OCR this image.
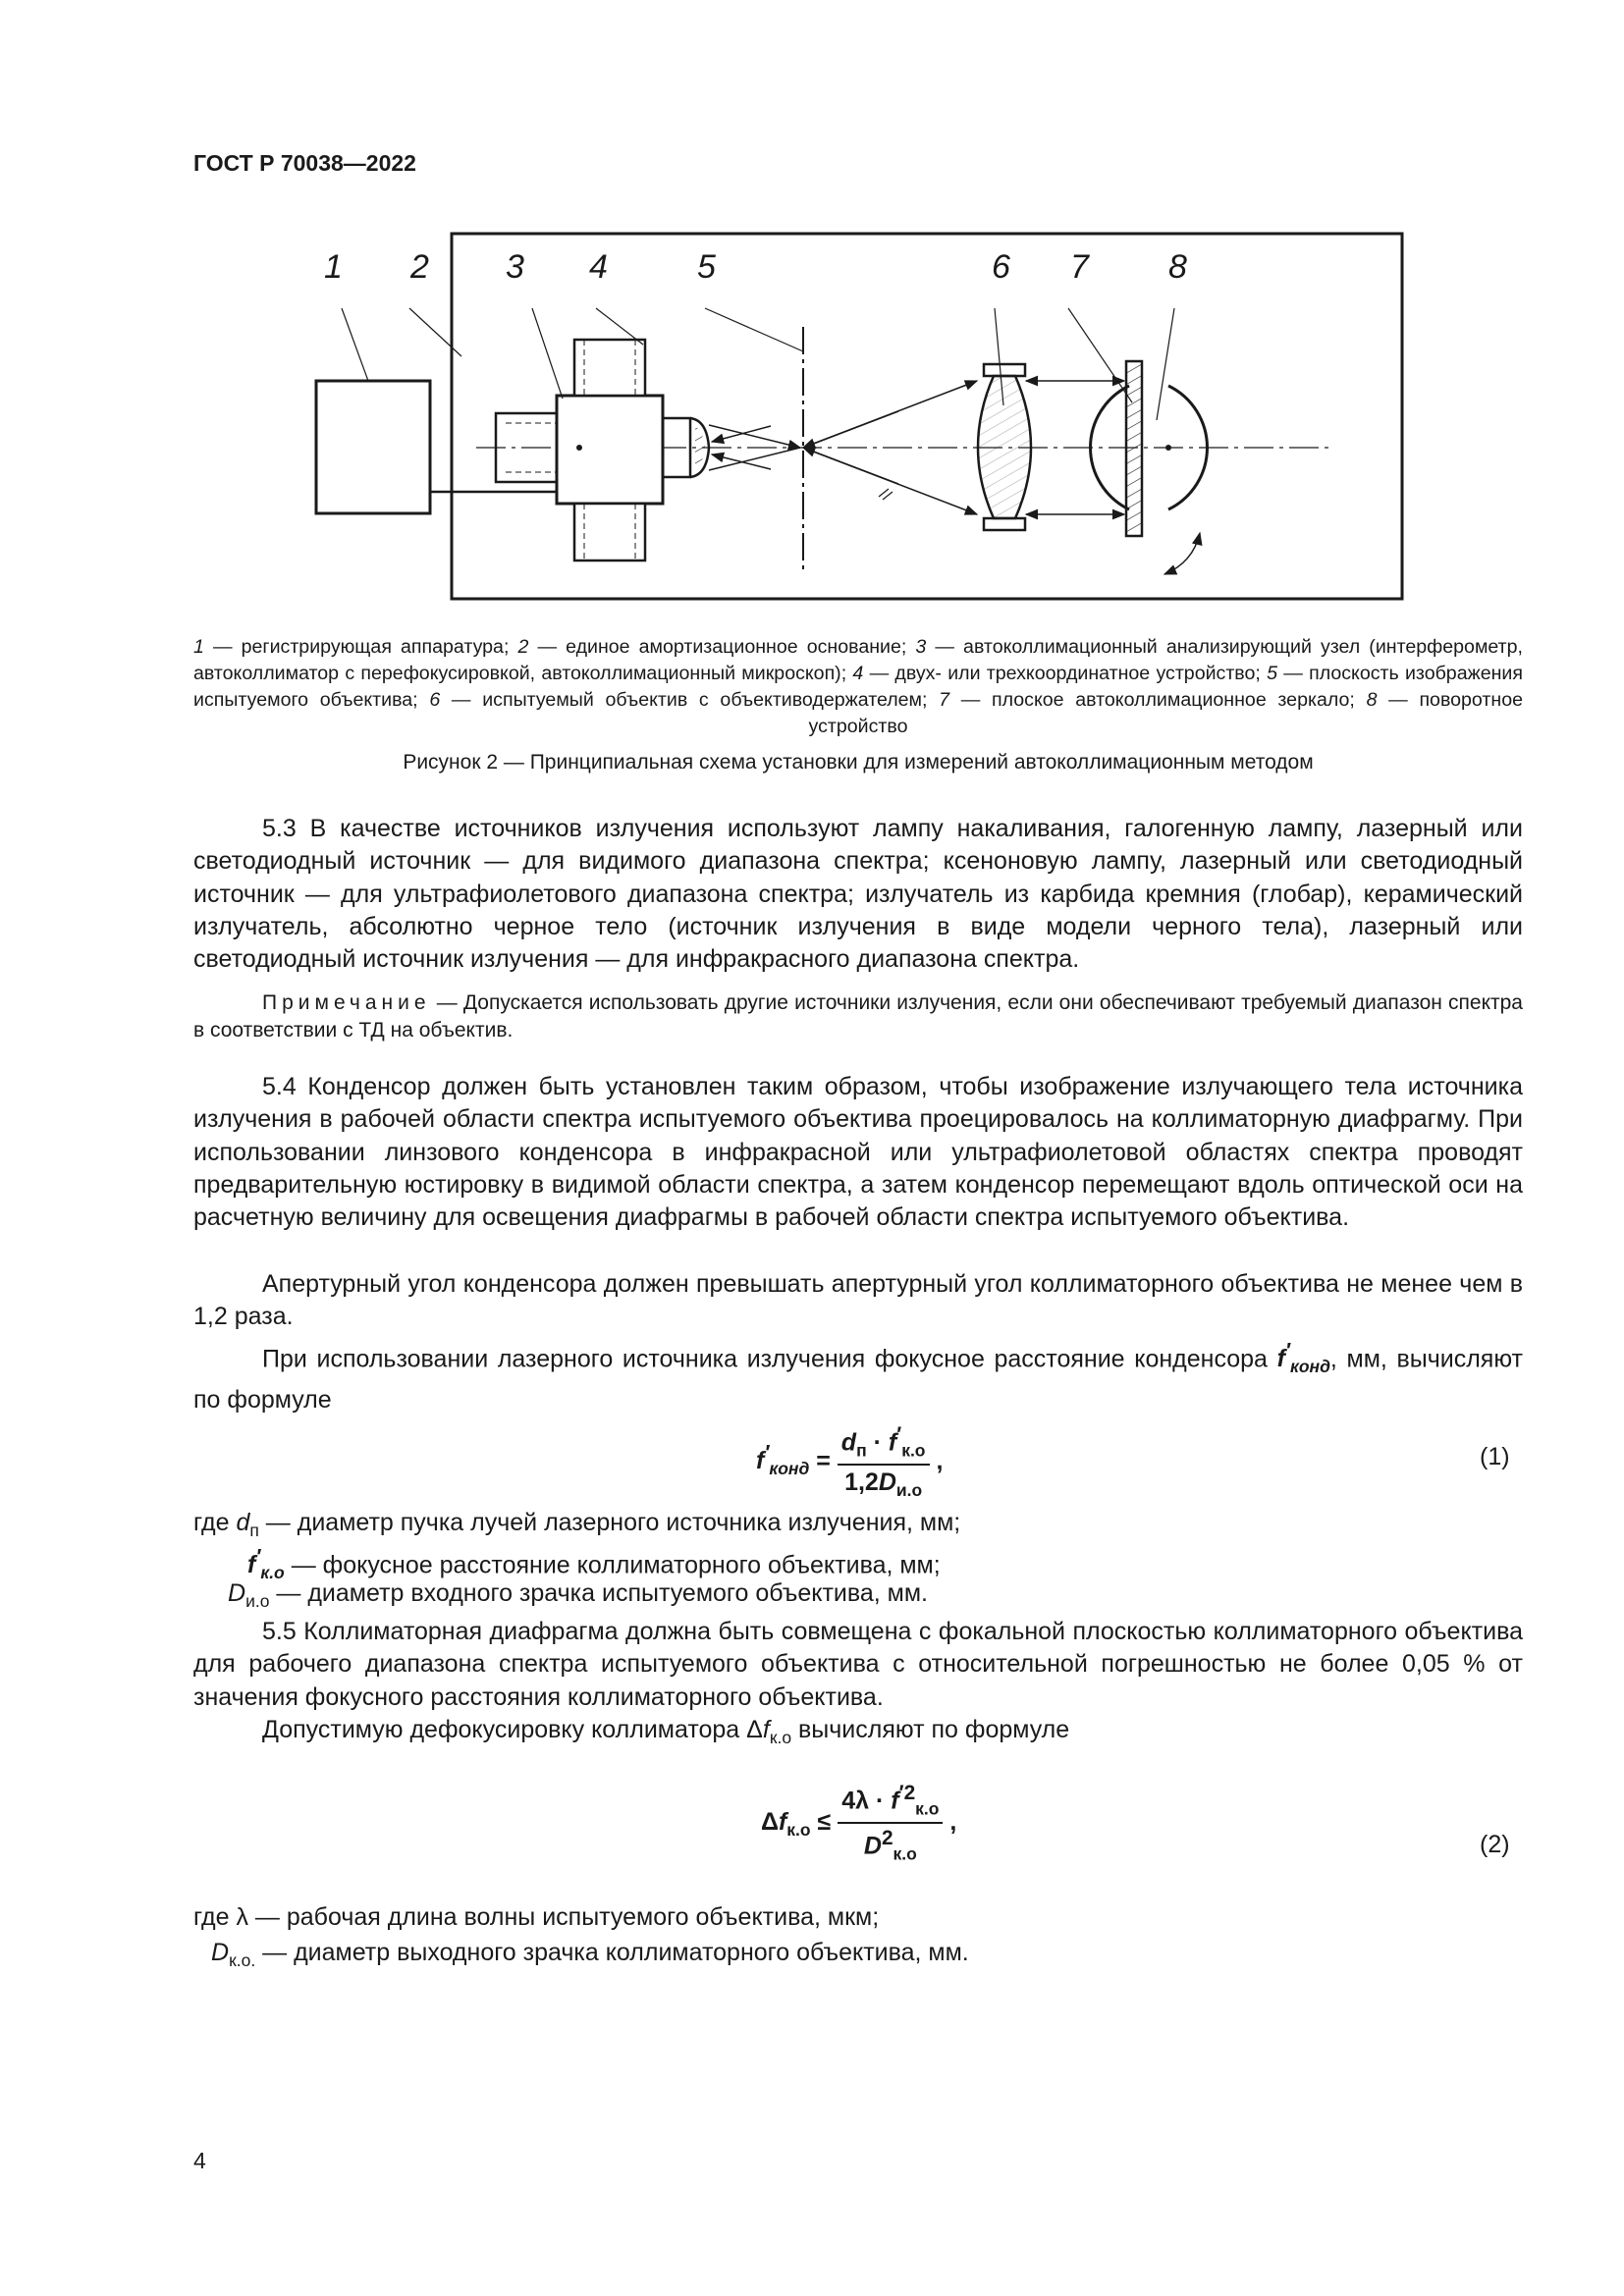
ГОСТ Р 70038—2022
1 2 3 4	5	6 7 8
1 — регистрирующая аппаратура; 2 — единое амортизационное основание; 3 — автоколлимационный анализирующий узел (интерферометр, автоколлиматор с перефокусировкой, автоколлимационный микроскоп); 4 — двух- или трехкоординатное устройство; 5 — плоскость изображения испытуемого объектива; 6 — испытуемый объектив с объективодержателем; 7 — плоское автоколлимационное зеркало; 8 — поворотное устройство
Рисунок 2 — Принципиальная схема установки для измерений автоколлимационным методом
5.3 В качестве источников излучения используют лампу накаливания, галогенную лампу, лазерный или светодиодный источник — для видимого диапазона спектра; ксеноновую лампу, лазерный или светодиодный источник — для ультрафиолетового диапазона спектра; излучатель из карбида кремния (глобар), керамический излучатель, абсолютно черное тело (источник излучения в виде модели черного тела), лазерный или светодиодный источник излучения — для инфракрасного диапазона спектра.
Примечание — Допускается использовать другие источники излучения, если они обеспечивают требуемый диапазон спектра в соответствии с ТД на объектив.
5.4 Конденсор должен быть установлен таким образом, чтобы изображение излучающего тела источника излучения в рабочей области спектра испытуемого объектива проецировалось на коллиматорную диафрагму. При использовании линзового конденсора в инфракрасной или ультрафиолетовой областях спектра проводят предварительную юстировку в видимой области спектра, а затем конденсор перемещают вдоль оптической оси на расчетную величину для освещения диафрагмы в рабочей области спектра испытуемого объектива.
Апертурный угол конденсора должен превышать апертурный угол коллиматорного объектива не менее чем в 1,2 раза.
При использовании лазерного источника излучения фокусное расстояние конденсора $f'_{конд}$, мм, вычисляют по формуле
$f'_{конд} = \frac{d_п \cdot f'_{к.о}}{1,2D_{и.о}}$ ,	(1)
где $d_п$ — диаметр пучка лучей лазерного источника излучения, мм;
$f'_{к.о}$ — фокусное расстояние коллиматорного объектива, мм;
$D_{и.о}$ — диаметр входного зрачка испытуемого объектива, мм.
5.5 Коллиматорная диафрагма должна быть совмещена с фокальной плоскостью коллиматорного объектива для рабочего диапазона спектра испытуемого объектива с относительной погрешностью не более 0,05 % от значения фокусного расстояния коллиматорного объектива.
Допустимую дефокусировку коллиматора $\Delta f_{к.о}$ вычисляют по формуле
$\Delta f_{к.о} \le \frac{4\lambda \cdot f^{'2}_{к.о}}{D^2_{к.о}}$ ,
(2)
где λ — рабочая длина волны испытуемого объектива, мкм;
$D_{к.о.}$ — диаметр выходного зрачка коллиматорного объектива, мм.
4
